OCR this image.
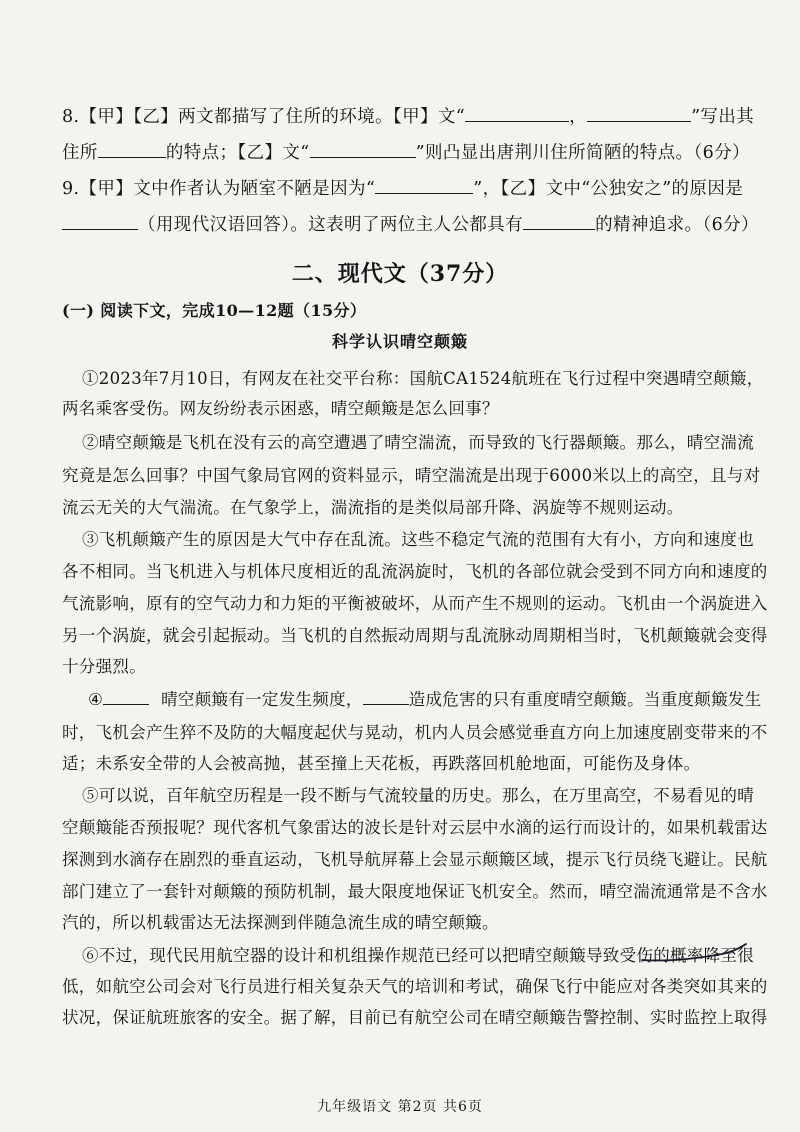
8.【甲】【乙】两文都描写了住所的环境。【甲】文“	，	”写出其
住所	的特点；【乙】文“	”则凸显出唐荆川住所简陋的特点。（6分）
9.【甲】文中作者认为陋室不陋是因为“	”，【乙】文中“公独安之”的原因是
（用现代汉语回答）。这表明了两位主人公都具有	的精神追求。（6分）
二、现代文（37分）
(一) 阅读下文，完成10—12题（15分）
科学认识晴空颠簸
①2023年7月10日，有网友在社交平台称：国航CA1524航班在飞行过程中突遇晴空颠簸，
两名乘客受伤。网友纷纷表示困惑，晴空颠簸是怎么回事？
②晴空颠簸是飞机在没有云的高空遭遇了晴空湍流，而导致的飞行器颠簸。那么，晴空湍流
究竟是怎么回事？中国气象局官网的资料显示，晴空湍流是出现于6000米以上的高空，且与对
流云无关的大气湍流。在气象学上，湍流指的是类似局部升降、涡旋等不规则运动。
③飞机颠簸产生的原因是大气中存在乱流。这些不稳定气流的范围有大有小，方向和速度也
各不相同。当飞机进入与机体尺度相近的乱流涡旋时，飞机的各部位就会受到不同方向和速度的
气流影响，原有的空气动力和力矩的平衡被破坏，从而产生不规则的运动。飞机由一个涡旋进入
另一个涡旋，就会引起振动。当飞机的自然振动周期与乱流脉动周期相当时，飞机颠簸就会变得
十分强烈。
④	晴空颠簸有一定发生频度，	造成危害的只有重度晴空颠簸。当重度颠簸发生
时，飞机会产生猝不及防的大幅度起伏与晃动，机内人员会感觉垂直方向上加速度剧变带来的不
适；未系安全带的人会被高抛，甚至撞上天花板，再跌落回机舱地面，可能伤及身体。
⑤可以说，百年航空历程是一段不断与气流较量的历史。那么，在万里高空，不易看见的晴
空颠簸能否预报呢？现代客机气象雷达的波长是针对云层中水滴的运行而设计的，如果机载雷达
探测到水滴存在剧烈的垂直运动，飞机导航屏幕上会显示颠簸区域，提示飞行员绕飞避让。民航
部门建立了一套针对颠簸的预防机制，最大限度地保证飞机安全。然而，晴空湍流通常是不含水
汽的，所以机载雷达无法探测到伴随急流生成的晴空颠簸。
⑥不过，现代民用航空器的设计和机组操作规范已经可以把晴空颠簸导致受伤的概率降至很
低，如航空公司会对飞行员进行相关复杂天气的培训和考试，确保飞行中能应对各类突如其来的
状况，保证航班旅客的安全。据了解，目前已有航空公司在晴空颠簸告警控制、实时监控上取得
九年级语文 第2页 共6页
